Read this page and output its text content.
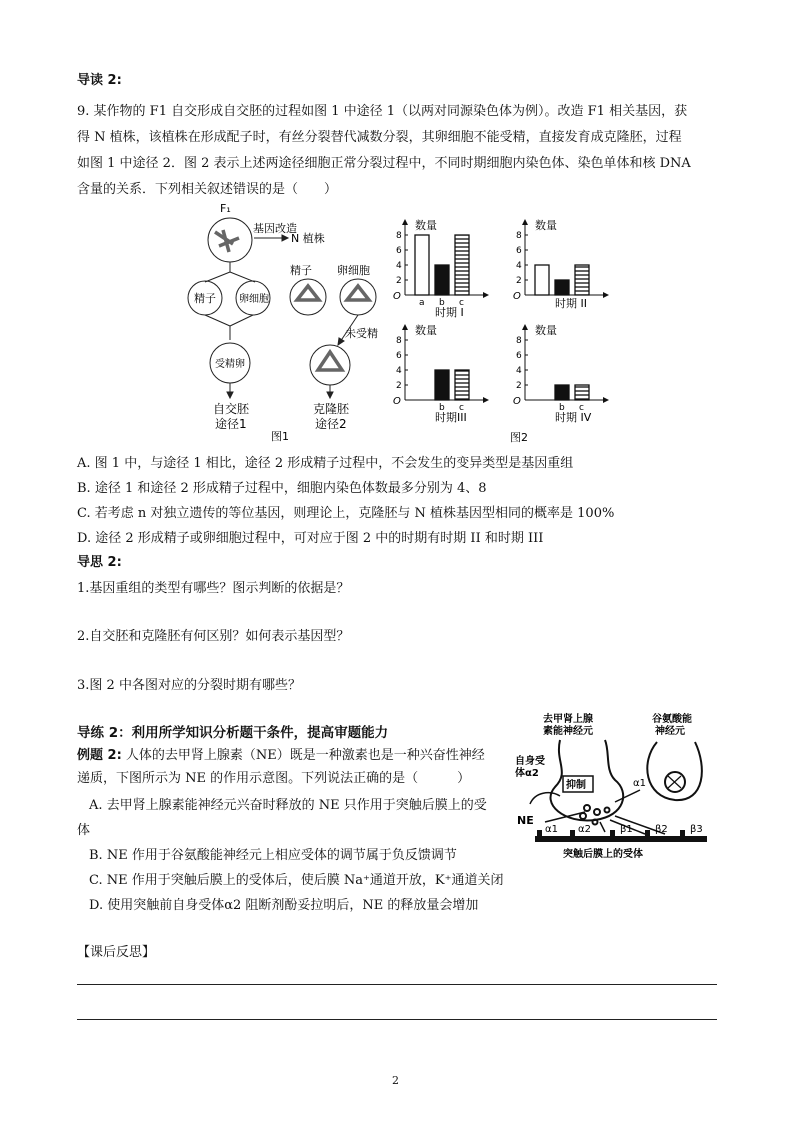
导读 2:
9. 某作物的 F1 自交形成自交胚的过程如图 1 中途径 1（以两对同源染色体为例）。改造 F1 相关基因，获
得 N 植株，该植株在形成配子时，有丝分裂替代减数分裂，其卵细胞不能受精，直接发育成克隆胚，过程
如图 1 中途径 2．图 2 表示上述两途径细胞正常分裂过程中，不同时期细胞内染色体、染色单体和核 DNA
含量的关系．下列相关叙述错误的是（　　）
F₁
基因改造
N 植株
精子 卵细胞
精子 卵细胞
未受精
受精卵
自交胚
途径1
克隆胚
途径2
图1
O
数量
2
4
6
8
a b c
时期 I
O
数量
2
4
6
8
时期 II
O
数量
2
4
6
8
b c
时期III
O
数量
2
4
6
8
b c
时期 IV
图2
A. 图 1 中，与途径 1 相比，途径 2 形成精子过程中，不会发生的变异类型是基因重组
B. 途径 1 和途径 2 形成精子过程中，细胞内染色体数最多分别为 4、8
C. 若考虑 n 对独立遗传的等位基因，则理论上，克隆胚与 N 植株基因型相同的概率是 100%
D. 途径 2 形成精子或卵细胞过程中，可对应于图 2 中的时期有时期 II 和时期 III
导思 2:
1.基因重组的类型有哪些？图示判断的依据是？
2.自交胚和克隆胚有何区别？如何表示基因型？
3.图 2 中各图对应的分裂时期有哪些？
导练 2：利用所学知识分析题干条件，提高审题能力
例题 2: 人体的去甲肾上腺素（NE）既是一种激素也是一种兴奋性神经
递质，下图所示为 NE 的作用示意图。下列说法正确的是（　　　）
A. 去甲肾上腺素能神经元兴奋时释放的 NE 只作用于突触后膜上的受
体
B. NE 作用于谷氨酸能神经元上相应受体的调节属于负反馈调节
C. NE 作用于突触后膜上的受体后，使后膜 Na⁺通道开放，K⁺通道关闭
D. 使用突触前自身受体α2 阻断剂酚妥拉明后，NE 的释放量会增加
去甲肾上腺
素能神经元
谷氨酸能
神经元
自身受
体α2
抑制
NE
α1
α1 α2	β1 β2 β3
突触后膜上的受体
【课后反思】
2
